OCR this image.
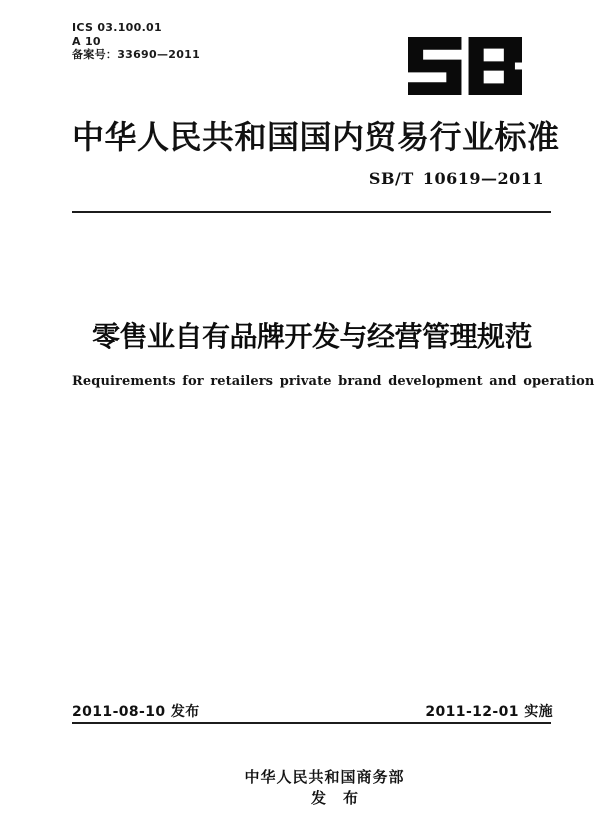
ICS 03.100.01
A 10
备案号：33690—2011
中华人民共和国国内贸易行业标准
SB/T 10619—2011
零售业自有品牌开发与经营管理规范
Requirements for retailers private brand development and operation
2011-08-10 发布	2011-12-01 实施

中华人民共和国商务部
发　布
